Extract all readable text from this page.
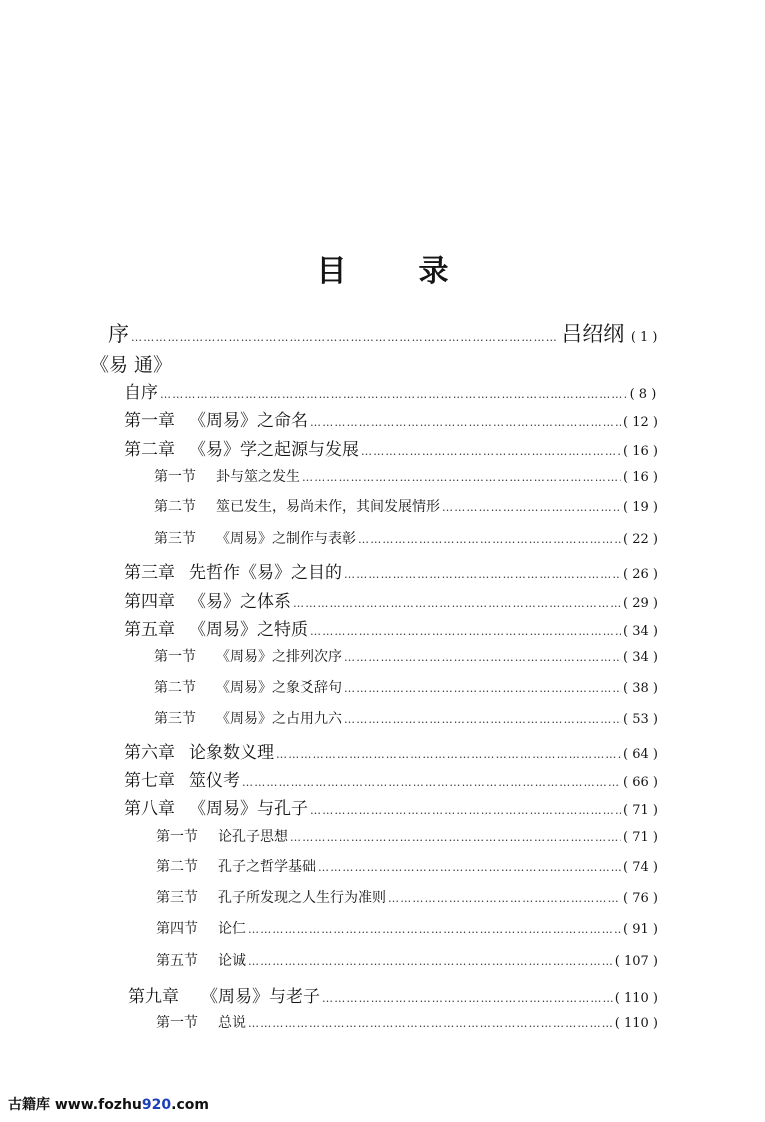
目 录
序 ……………………………………………………………………………………………………………………………………………………………………………………………	吕绍纲 ( 1 )
《易 通》
自序 ……………………………………………………………………………………………………………………………………………………………………………………………	( 8 )
第一章 《周易》之命名 ……………………………………………………………………………………………………………………………………………………………………………………………	( 12 )
第二章 《易》学之起源与发展 ……………………………………………………………………………………………………………………………………………………………………………………………	( 16 )
第一节 卦与筮之发生 ……………………………………………………………………………………………………………………………………………………………………………………………	( 16 )
第二节 筮已发生，易尚未作，其间发展情形 ……………………………………………………………………………………………………………………………………………………………………………………………	( 19 )
第三节 《周易》之制作与表彰 ……………………………………………………………………………………………………………………………………………………………………………………………	( 22 )
第三章 先哲作《易》之目的 ……………………………………………………………………………………………………………………………………………………………………………………………	( 26 )
第四章 《易》之体系 ……………………………………………………………………………………………………………………………………………………………………………………………	( 29 )
第五章 《周易》之特质 ……………………………………………………………………………………………………………………………………………………………………………………………	( 34 )
第一节 《周易》之排列次序 ……………………………………………………………………………………………………………………………………………………………………………………………	( 34 )
第二节 《周易》之象爻辞句 ……………………………………………………………………………………………………………………………………………………………………………………………	( 38 )
第三节 《周易》之占用九六 ……………………………………………………………………………………………………………………………………………………………………………………………	( 53 )
第六章 论象数义理 ……………………………………………………………………………………………………………………………………………………………………………………………	( 64 )
第七章 筮仪考 ……………………………………………………………………………………………………………………………………………………………………………………………	( 66 )
第八章 《周易》与孔子 ……………………………………………………………………………………………………………………………………………………………………………………………	( 71 )
第一节 论孔子思想 ……………………………………………………………………………………………………………………………………………………………………………………………	( 71 )
第二节 孔子之哲学基础 ……………………………………………………………………………………………………………………………………………………………………………………………	( 74 )
第三节 孔子所发现之人生行为准则 ……………………………………………………………………………………………………………………………………………………………………………………………	( 76 )
第四节 论仁 ……………………………………………………………………………………………………………………………………………………………………………………………	( 91 )
第五节 论诚 ……………………………………………………………………………………………………………………………………………………………………………………………	( 107 )
第九章 《周易》与老子 ……………………………………………………………………………………………………………………………………………………………………………………………	( 110 )
第一节 总说 ……………………………………………………………………………………………………………………………………………………………………………………………	( 110 )
古籍库 www.fozhu920.com
